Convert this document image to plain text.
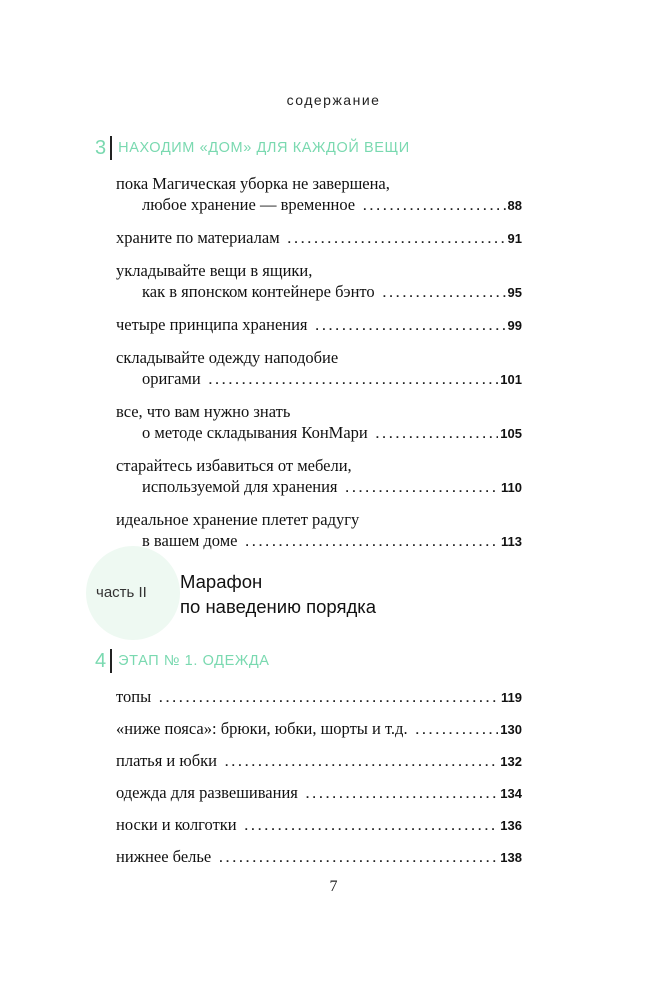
содержание
3 НАХОДИМ «ДОМ» ДЛЯ КАЖДОЙ ВЕЩИ
пока Магическая уборка не завершена,
любое хранение — временное . . .	88
храните по материалам . . .	91
укладывайте вещи в ящики,
как в японском контейнере бэнто . . .	95
четыре принципа хранения . . .	99
складывайте одежду наподобие
оригами . . .	101
все, что вам нужно знать
о методе складывания КонМари . . .	105
старайтесь избавиться от мебели,
используемой для хранения . . .	110
идеальное хранение плетет радугу
в вашем доме . . .	113
часть II
Марафон
по наведению порядка
4 ЭТАП № 1. ОДЕЖДА
топы . . .	119
«ниже пояса»: брюки, юбки, шорты и т.д. . . .	130
платья и юбки . . .	132
одежда для развешивания . . .	134
носки и колготки . . .	136
нижнее белье . . .	138
7
